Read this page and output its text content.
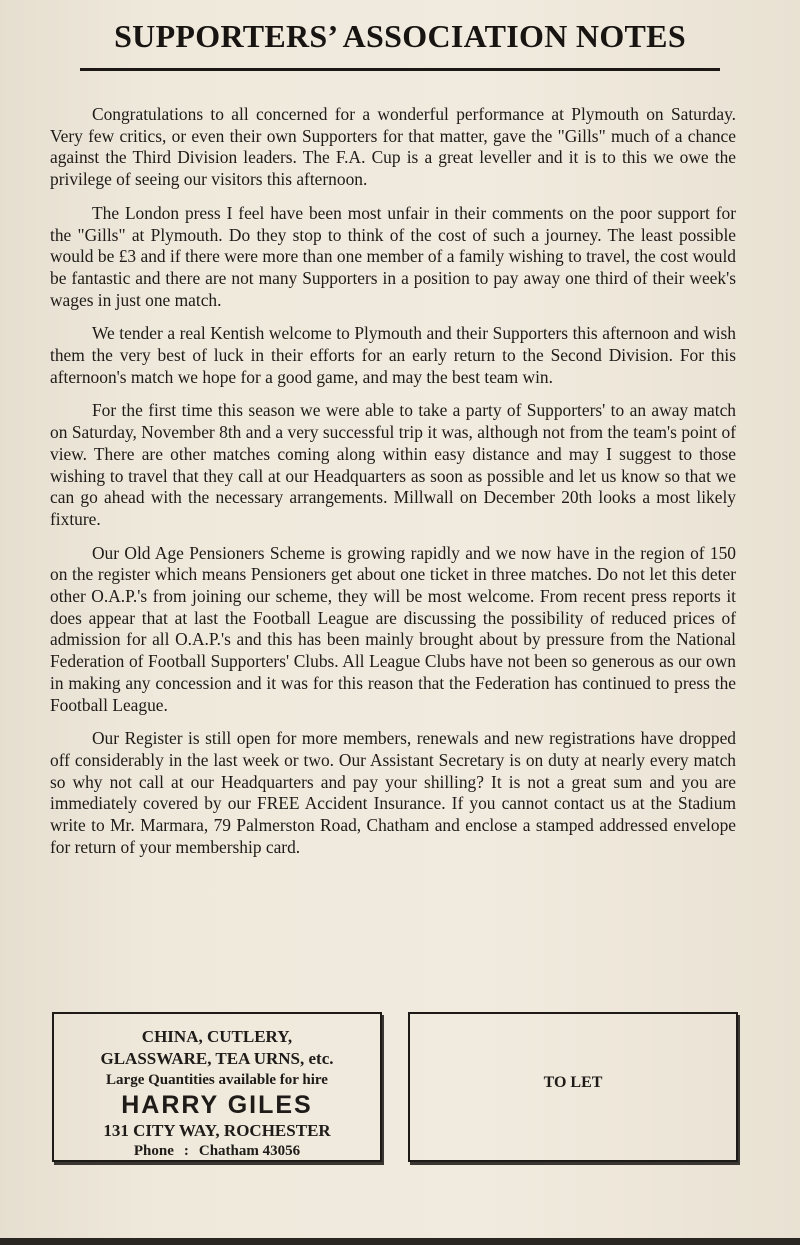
SUPPORTERS’ ASSOCIATION NOTES

Congratulations to all concerned for a wonderful performance at Plymouth on Saturday. Very few critics, or even their own Supporters for that matter, gave the "Gills" much of a chance against the Third Division leaders. The F.A. Cup is a great leveller and it is to this we owe the privilege of seeing our visitors this afternoon.

The London press I feel have been most unfair in their comments on the poor support for the "Gills" at Plymouth. Do they stop to think of the cost of such a journey. The least possible would be £3 and if there were more than one member of a family wishing to travel, the cost would be fantastic and there are not many Supporters in a position to pay away one third of their week's wages in just one match.

We tender a real Kentish welcome to Plymouth and their Supporters this afternoon and wish them the very best of luck in their efforts for an early return to the Second Division. For this afternoon's match we hope for a good game, and may the best team win.

For the first time this season we were able to take a party of Supporters' to an away match on Saturday, November 8th and a very successful trip it was, although not from the team's point of view. There are other matches coming along within easy distance and may I suggest to those wishing to travel that they call at our Headquarters as soon as possible and let us know so that we can go ahead with the necessary arrangements. Millwall on December 20th looks a most likely fixture.

Our Old Age Pensioners Scheme is growing rapidly and we now have in the region of 150 on the register which means Pensioners get about one ticket in three matches. Do not let this deter other O.A.P.'s from joining our scheme, they will be most welcome. From recent press reports it does appear that at last the Football League are discussing the possibility of reduced prices of admission for all O.A.P.'s and this has been mainly brought about by pressure from the National Federation of Football Supporters' Clubs. All League Clubs have not been so generous as our own in making any concession and it was for this reason that the Federation has continued to press the Football League.

Our Register is still open for more members, renewals and new registrations have dropped off considerably in the last week or two. Our Assistant Secretary is on duty at nearly every match so why not call at our Headquarters and pay your shilling? It is not a great sum and you are immediately covered by our FREE Accident Insurance. If you cannot contact us at the Stadium write to Mr. Marmara, 79 Palmerston Road, Chatham and enclose a stamped addressed envelope for return of your membership card.

CHINA, CUTLERY,
GLASSWARE, TEA URNS, etc.
Large Quantities available for hire
HARRY GILES
131 CITY WAY, ROCHESTER
Phone : Chatham 43056
TO LET
